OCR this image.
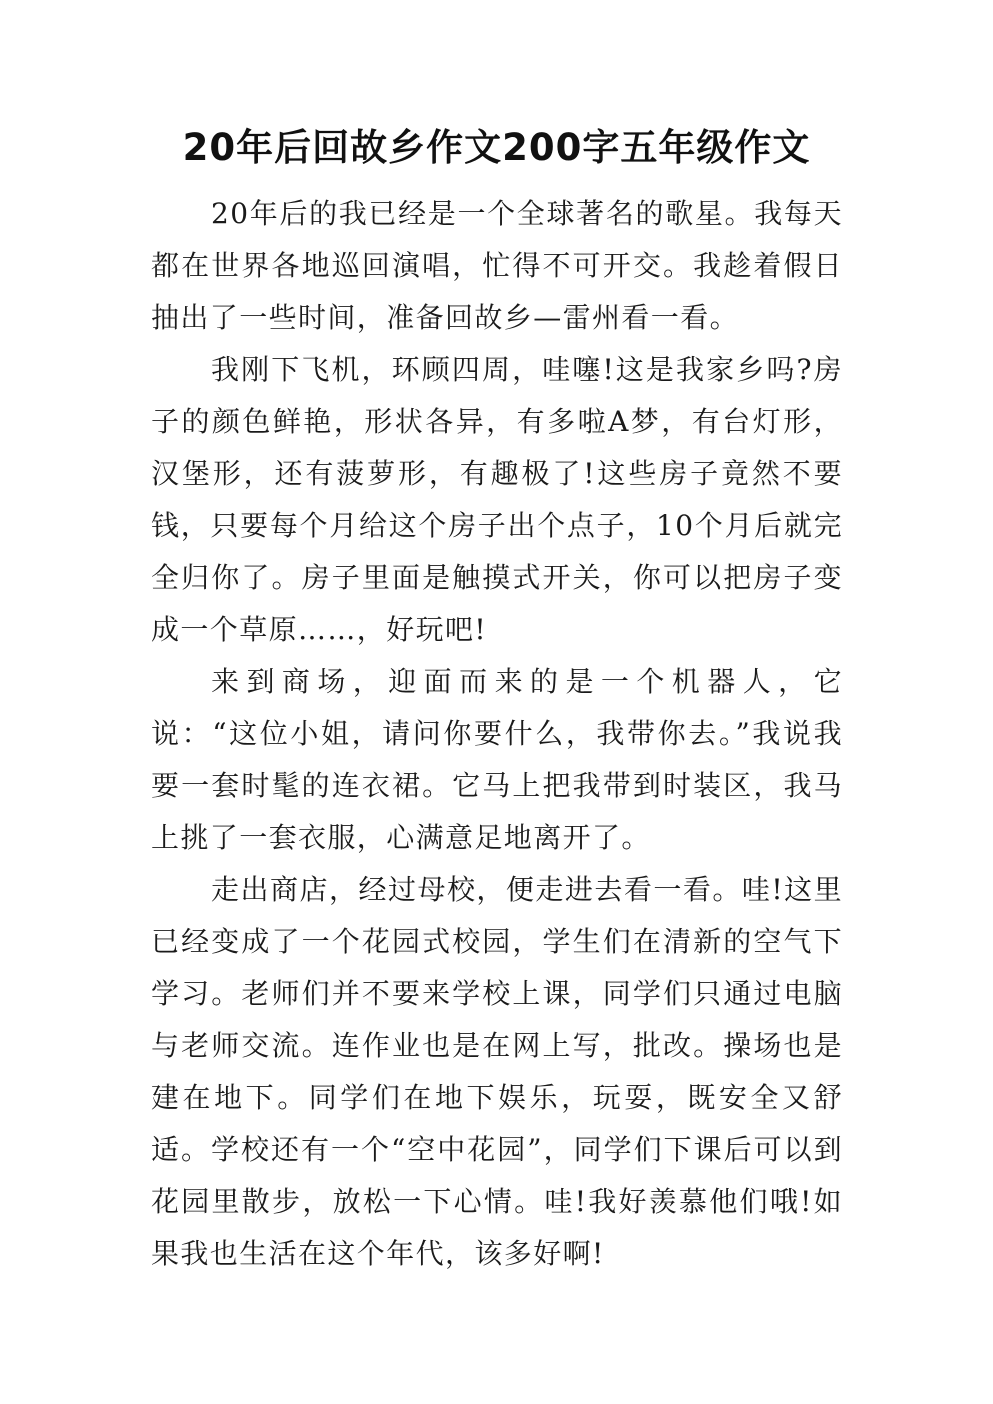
20年后回故乡作文200字五年级作文

20年后的我已经是一个全球著名的歌星。我每天都在世界各地巡回演唱，忙得不可开交。我趁着假日抽出了一些时间，准备回故乡—雷州看一看。

我刚下飞机，环顾四周，哇噻!这是我家乡吗?房子的颜色鲜艳，形状各异，有多啦A梦，有台灯形，汉堡形，还有菠萝形，有趣极了!这些房子竟然不要钱，只要每个月给这个房子出个点子，10个月后就完全归你了。房子里面是触摸式开关，你可以把房子变成一个草原……，好玩吧!

来到商场，迎面而来的是一个机器人，它说：“这位小姐，请问你要什么，我带你去。”我说我要一套时髦的连衣裙。它马上把我带到时装区，我马上挑了一套衣服，心满意足地离开了。

走出商店，经过母校，便走进去看一看。哇!这里已经变成了一个花园式校园，学生们在清新的空气下学习。老师们并不要来学校上课，同学们只通过电脑与老师交流。连作业也是在网上写，批改。操场也是建在地下。同学们在地下娱乐，玩耍，既安全又舒适。学校还有一个“空中花园”，同学们下课后可以到花园里散步，放松一下心情。哇!我好羡慕他们哦!如果我也生活在这个年代，该多好啊!
